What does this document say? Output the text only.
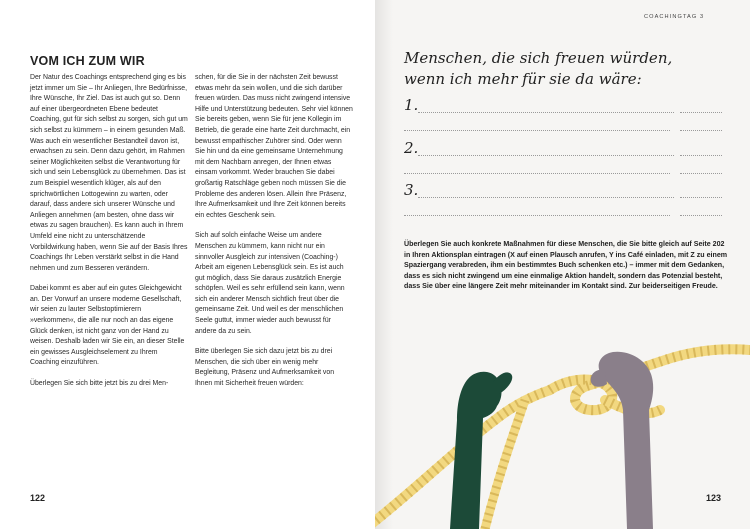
VOM ICH ZUM WIR

Der Natur des Coachings entsprechend ging es bis jetzt immer um Sie – Ihr Anliegen, Ihre Bedürfnisse, Ihre Wünsche, Ihr Ziel. Das ist auch gut so. Denn auf einer übergeordneten Ebene bedeutet Coaching, gut für sich selbst zu sorgen, sich gut um sich selbst zu kümmern – in einem gesunden Maß. Was auch ein wesentlicher Bestandteil davon ist, erwachsen zu sein. Denn dazu gehört, im Rahmen seiner Möglichkeiten selbst die Verantwortung für sich und sein Lebensglück zu übernehmen. Das ist zum Beispiel wesentlich klüger, als auf den sprichwörtlichen Lottogewinn zu warten, oder darauf, dass andere sich unserer Wünsche und Anliegen annehmen (am besten, ohne dass wir etwas zu sagen brauchen). Es kann auch in Ihrem Umfeld eine nicht zu unterschätzende Vorbildwirkung haben, wenn Sie auf der Basis Ihres Coachings Ihr Leben verstärkt selbst in die Hand nehmen und zum Besseren verändern.

Dabei kommt es aber auf ein gutes Gleichgewicht an. Der Vorwurf an unsere moderne Gesellschaft, wir seien zu lauter Selbstoptimierern »verkommen«, die alle nur noch an das eigene Glück denken, ist nicht ganz von der Hand zu weisen. Deshalb laden wir Sie ein, an dieser Stelle ein gewisses Ausgleichselement zu Ihrem Coaching einzuführen.

Überlegen Sie sich bitte jetzt bis zu drei Men-

schen, für die Sie in der nächsten Zeit bewusst etwas mehr da sein wollen, und die sich darüber freuen würden. Das muss nicht zwingend intensive Hilfe und Unterstützung bedeuten. Sehr viel können Sie bereits geben, wenn Sie für jene Kollegin im Betrieb, die gerade eine harte Zeit durchmacht, ein bewusst empathischer Zuhörer sind. Oder wenn Sie hin und da eine gemeinsame Unternehmung mit dem Nachbarn anregen, der Ihnen etwas einsam vorkommt. Weder brauchen Sie dabei großartig Ratschläge geben noch müssen Sie die Probleme des anderen lösen. Allein Ihre Präsenz, Ihre Aufmerksamkeit und Ihre Zeit können bereits ein echtes Geschenk sein.

Sich auf solch einfache Weise um andere Menschen zu kümmern, kann nicht nur ein sinnvoller Ausgleich zur intensiven (Coaching-) Arbeit am eigenen Lebensglück sein. Es ist auch gut möglich, dass Sie daraus zusätzlich Energie schöpfen. Weil es sehr erfüllend sein kann, wenn sich ein anderer Mensch sichtlich freut über die gemeinsame Zeit. Und weil es der menschlichen Seele guttut, immer wieder auch bewusst für andere da zu sein.

Bitte überlegen Sie sich dazu jetzt bis zu drei Menschen, die sich über ein wenig mehr Begleitung, Präsenz und Aufmerksamkeit von Ihnen mit Sicherheit freuen würden:

122
COACHINGTAG 3
Menschen, die sich freuen würden,
wenn ich mehr für sie da wäre:
1.
2.
3.

Überlegen Sie auch konkrete Maßnahmen für diese Menschen, die Sie bitte gleich auf Seite 202 in Ihren Aktionsplan eintragen (X auf einen Plausch anrufen, Y ins Café einladen, mit Z zu einem Spaziergang verabreden, ihm ein bestimmtes Buch schenken etc.) – immer mit dem Gedanken, dass es sich nicht zwingend um eine einmalige Aktion handelt, sondern das Potenzial besteht, dass Sie über eine längere Zeit mehr miteinander im Kontakt sind. Zur beiderseitigen Freude.

123
